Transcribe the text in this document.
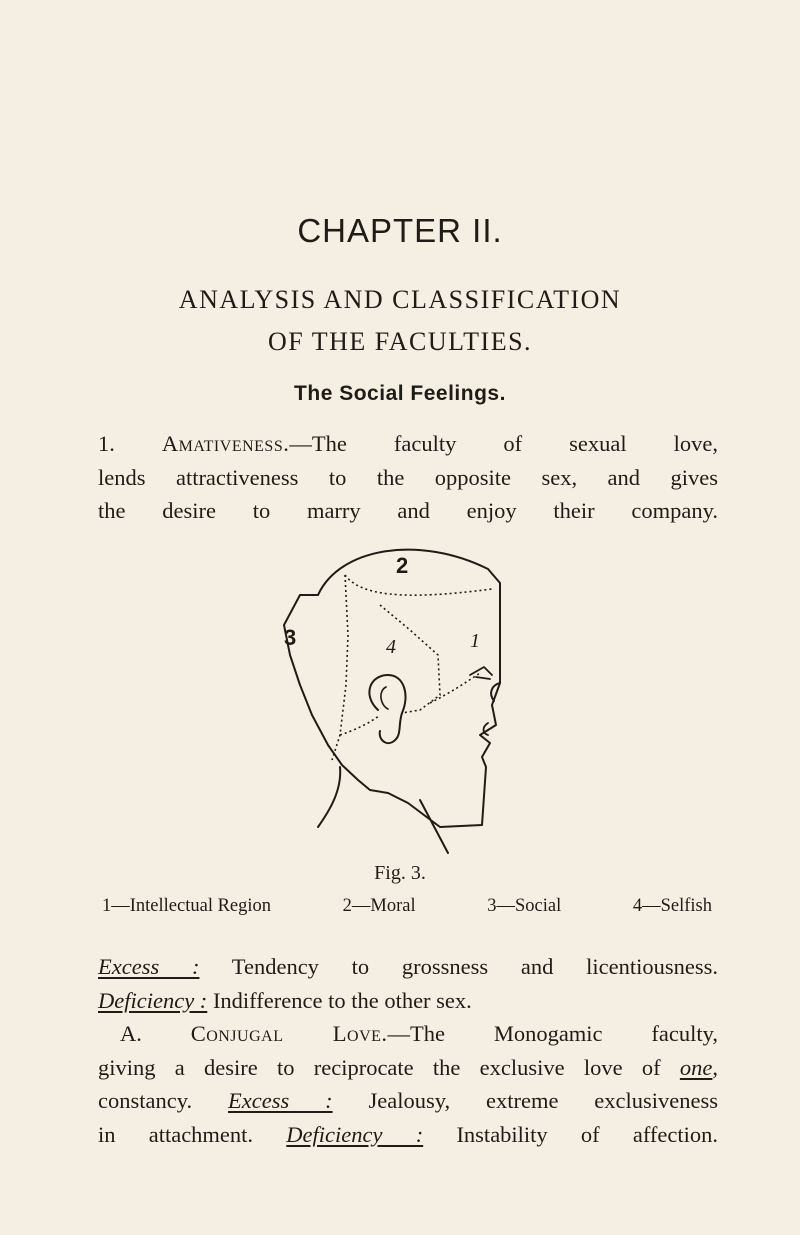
CHAPTER II.
ANALYSIS AND CLASSIFICATION
OF THE FACULTIES.
The Social Feelings.
1. Amativeness.—The faculty of sexual love,
lends attractiveness to the opposite sex, and gives
the desire to marry and enjoy their company.
2
3	1
4
Fig. 3.
1—Intellectual Region	2—Moral	3—Social	4—Selfish
Excess : Tendency to grossness and licentiousness.
Deficiency : Indifference to the other sex.
A. Conjugal Love.—The Monogamic faculty,
giving a desire to reciprocate the exclusive love of one,
constancy. Excess : Jealousy, extreme exclusiveness
in attachment. Deficiency : Instability of affection.
